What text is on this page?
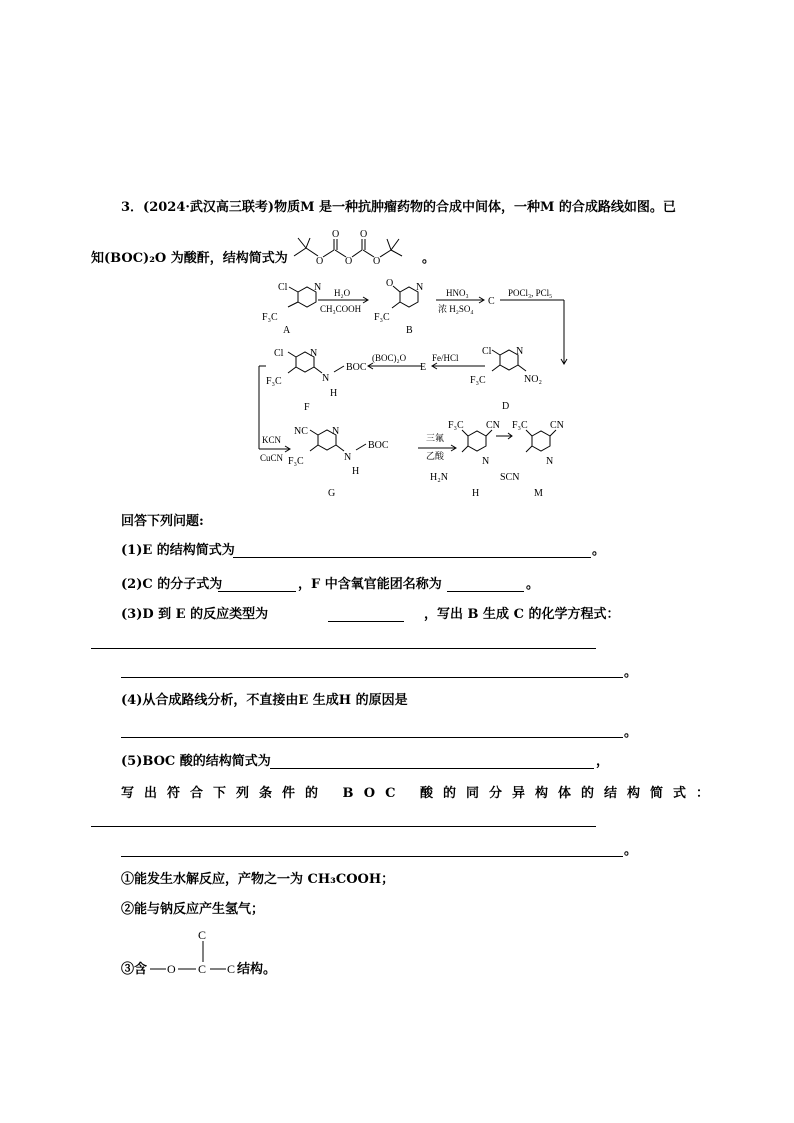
3．(2024·武汉高三联考)物质M 是一种抗肿瘤药物的合成中间体，一种M 的合成路线如图。已
知(BOC)₂O 为酸酐，结构简式为	。
O
O
O
O
O
Cl	N
F₃C
A
H₂O
CH₃COOH
O N
F₃C
B
HNO₃
浓 H₂SO₄
C
POCl₃, PCl₅
Cl N
F₃C	NO₂
D
Fe/HCl
E
(BOC)₂O
Cl	N
F₃C	N
H
BOC
F
KCN
CuCN
NC N
F₃C	N
H
BOC
G
三氟
乙酸
F₃C CN
N
H₂N
H
F₃C CN
N
SCN
M
回答下列问题:
(1)E 的结构简式为	。
(2)C 的分子式为	，F 中含氧官能团名称为	。
(3)D 到 E 的反应类型为	，写出 B 生成 C 的化学方程式：
。
(4)从合成路线分析，不直接由E 生成H 的原因是
。
(5)BOC 酸的结构简式为	，
写出符合下列条件的 BOC 酸的同分异构体的结构简式：
。
①能发生水解反应，产物之一为 CH₃COOH；
②能与钠反应产生氢气；
③含 O
C
C C 结构。
